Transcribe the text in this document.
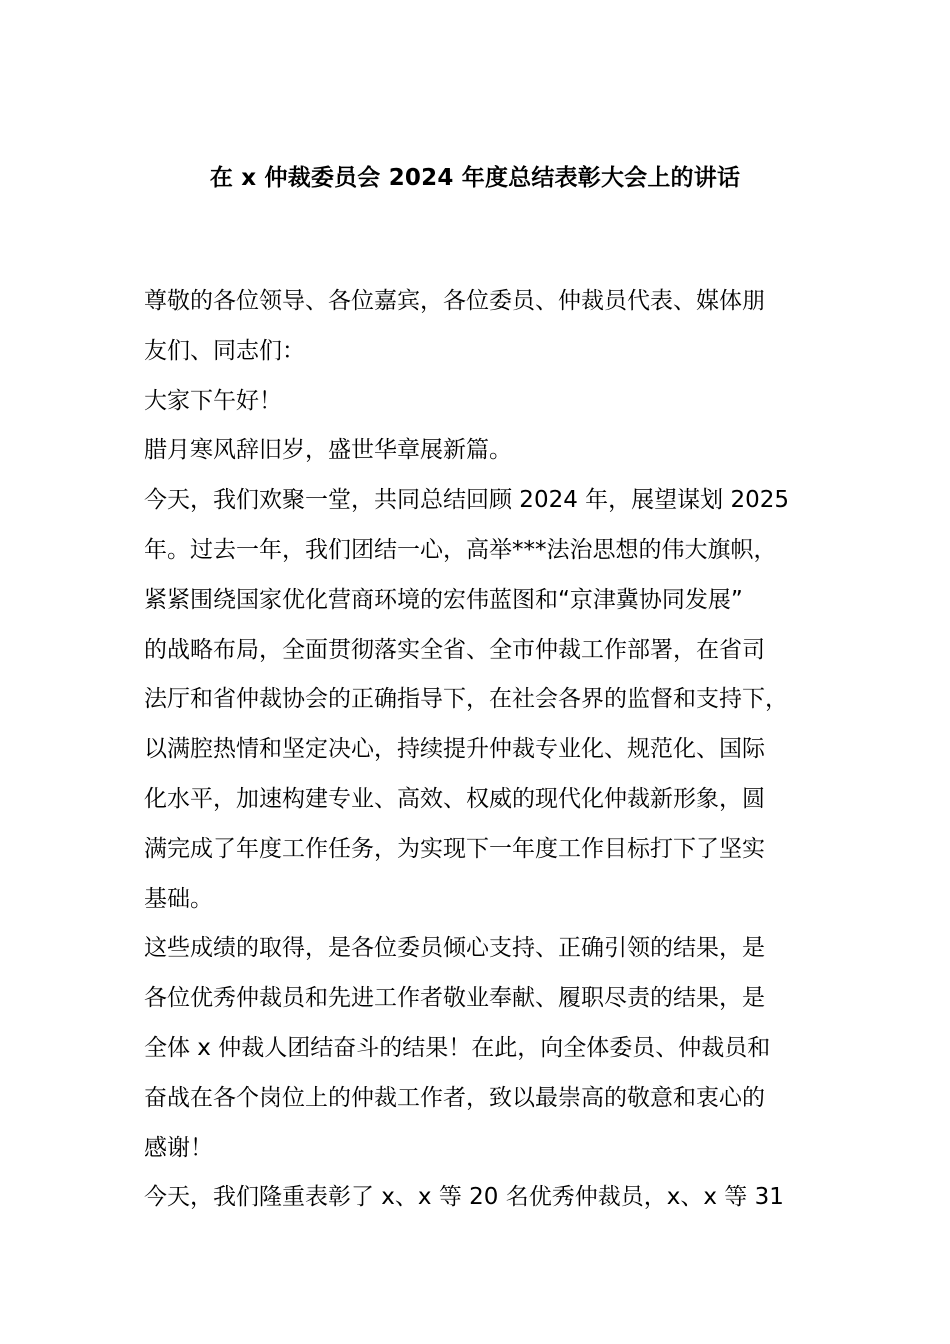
在 x 仲裁委员会 2024 年度总结表彰大会上的讲话
尊敬的各位领导、各位嘉宾，各位委员、仲裁员代表、媒体朋
友们、同志们：
大家下午好！
腊月寒风辞旧岁，盛世华章展新篇。
今天，我们欢聚一堂，共同总结回顾 2024 年，展望谋划 2025
年。过去一年，我们团结一心，高举***法治思想的伟大旗帜，
紧紧围绕国家优化营商环境的宏伟蓝图和“京津冀协同发展”
的战略布局，全面贯彻落实全省、全市仲裁工作部署，在省司
法厅和省仲裁协会的正确指导下，在社会各界的监督和支持下，
以满腔热情和坚定决心，持续提升仲裁专业化、规范化、国际
化水平，加速构建专业、高效、权威的现代化仲裁新形象，圆
满完成了年度工作任务，为实现下一年度工作目标打下了坚实
基础。
这些成绩的取得，是各位委员倾心支持、正确引领的结果，是
各位优秀仲裁员和先进工作者敬业奉献、履职尽责的结果，是
全体 x 仲裁人团结奋斗的结果！在此，向全体委员、仲裁员和
奋战在各个岗位上的仲裁工作者，致以最崇高的敬意和衷心的
感谢！
今天，我们隆重表彰了 x、x 等 20 名优秀仲裁员，x、x 等 31
